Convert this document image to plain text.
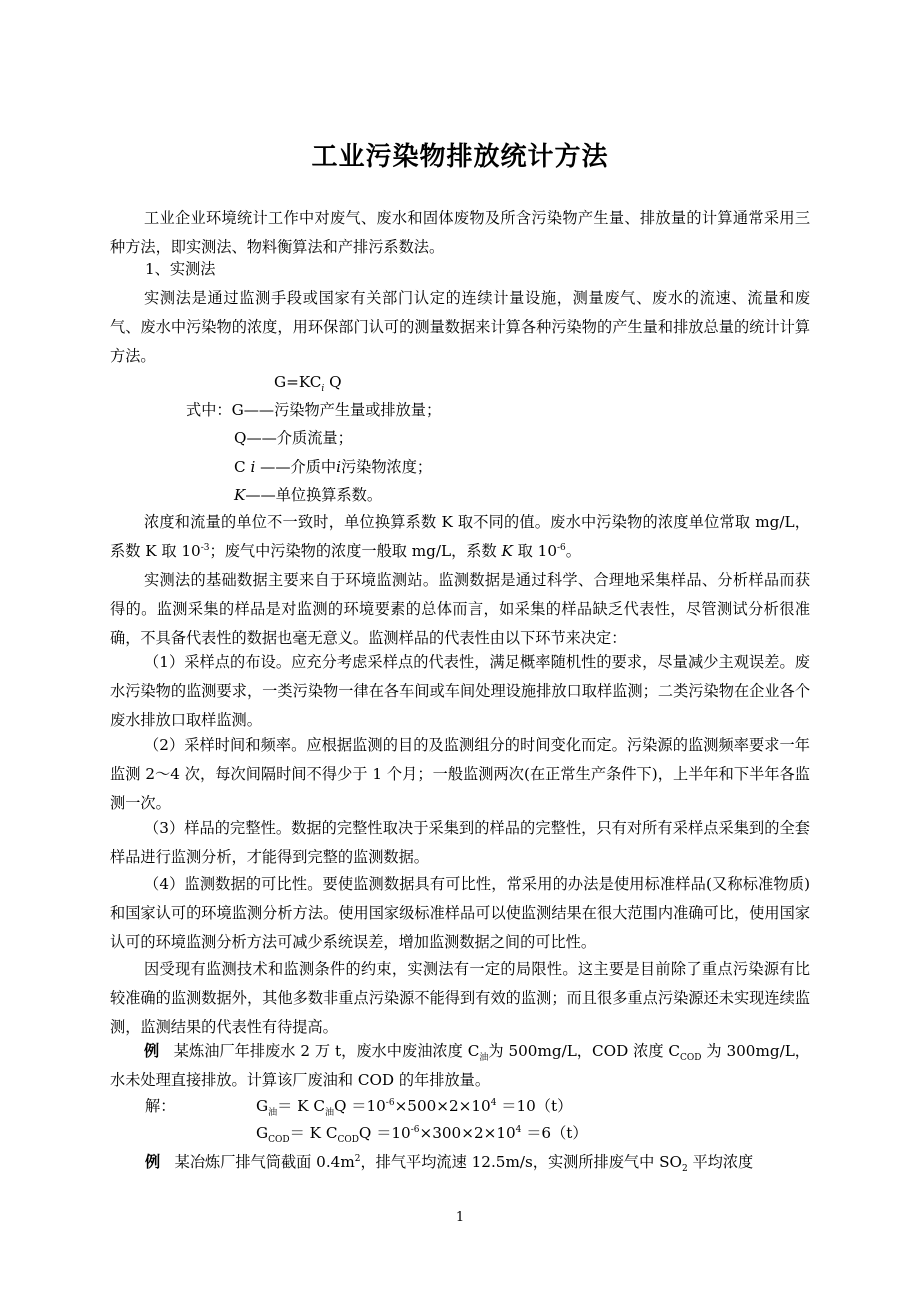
工业污染物排放统计方法

工业企业环境统计工作中对废气、废水和固体废物及所含污染物产生量、排放量的计算通常采用三种方法，即实测法、物料衡算法和产排污系数法。

1、实测法

实测法是通过监测手段或国家有关部门认定的连续计量设施，测量废气、废水的流速、流量和废气、废水中污染物的浓度，用环保部门认可的测量数据来计算各种污染物的产生量和排放总量的统计计算方法。

$G=KC_i$ Q
式中：G——污染物产生量或排放量；
Q——介质流量；
C i ——介质中i污染物浓度；
K——单位换算系数。

浓度和流量的单位不一致时，单位换算系数 K 取不同的值。废水中污染物的浓度单位常取 mg/L，系数 K 取 $10^{-3}$；废气中污染物的浓度一般取 mg/L，系数 K 取 $10^{-6}$。

实测法的基础数据主要来自于环境监测站。监测数据是通过科学、合理地采集样品、分析样品而获得的。监测采集的样品是对监测的环境要素的总体而言，如采集的样品缺乏代表性，尽管测试分析很准确，不具备代表性的数据也毫无意义。监测样品的代表性由以下环节来决定：

（1）采样点的布设。应充分考虑采样点的代表性，满足概率随机性的要求，尽量减少主观误差。废水污染物的监测要求，一类污染物一律在各车间或车间处理设施排放口取样监测；二类污染物在企业各个废水排放口取样监测。

（2）采样时间和频率。应根据监测的目的及监测组分的时间变化而定。污染源的监测频率要求一年监测 2～4 次，每次间隔时间不得少于 1 个月；一般监测两次(在正常生产条件下)，上半年和下半年各监测一次。

（3）样品的完整性。数据的完整性取决于采集到的样品的完整性，只有对所有采样点采集到的全套样品进行监测分析，才能得到完整的监测数据。

（4）监测数据的可比性。要使监测数据具有可比性，常采用的办法是使用标准样品(又称标准物质)和国家认可的环境监测分析方法。使用国家级标准样品可以使监测结果在很大范围内准确可比，使用国家认可的环境监测分析方法可减少系统误差，增加监测数据之间的可比性。

因受现有监测技术和监测条件的约束，实测法有一定的局限性。这主要是目前除了重点污染源有比较准确的监测数据外，其他多数非重点污染源不能得到有效的监测；而且很多重点污染源还未实现连续监测，监测结果的代表性有待提高。

例 某炼油厂年排废水 2 万 t，废水中废油浓度 $C_油$为 500mg/L，COD 浓度 $C_{COD}$ 为 300mg/L，水未处理直接排放。计算该厂废油和 COD 的年排放量。

解：	$G_油= K$ $C_油Q =10^{-6}\times 500\times 2\times 10^4 =10(t)$
$G_{COD}= K$ $C_{COD}Q =10^{-6}\times 300\times 2\times 10^4 =6(t)$
例 某冶炼厂排气筒截面 $0.4m^2$，排气平均流速 12.5m/s，实测所排废气中 $SO_2$ 平均浓度
1
